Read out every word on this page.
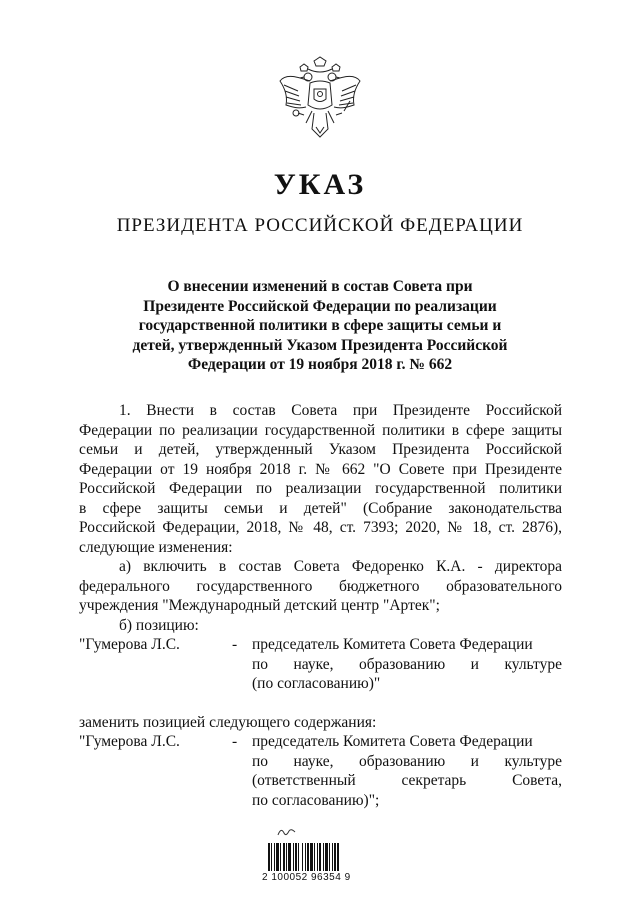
УКАЗ
ПРЕЗИДЕНТА РОССИЙСКОЙ ФЕДЕРАЦИИ
О внесении изменений в состав Совета при
Президенте Российской Федерации по реализации
государственной политики в сфере защиты семьи и
детей, утвержденный Указом Президента Российской
Федерации от 19 ноября 2018 г. № 662
1. Внести в состав Совета при Президенте Российской
Федерации по реализации государственной политики в сфере защиты
семьи и детей, утвержденный Указом Президента Российской
Федерации от 19 ноября 2018 г. № 662 "О Совете при Президенте
Российской Федерации по реализации государственной политики
в сфере защиты семьи и детей" (Собрание законодательства
Российской Федерации, 2018, № 48, ст. 7393; 2020, № 18, ст. 2876),
следующие изменения:
а) включить в состав Совета Федоренко К.А. - директора
федерального государственного бюджетного образовательного
учреждения "Международный детский центр "Артек";
б) позицию:
"Гумерова Л.С.	- председатель Комитета Совета Федерации
по науке, образованию и культуре
(по согласованию)"
заменить позицией следующего содержания:
"Гумерова Л.С.	- председатель Комитета Совета Федерации
по науке, образованию и культуре
(ответственный секретарь Совета,
по согласованию)";
2 100052 96354 9
